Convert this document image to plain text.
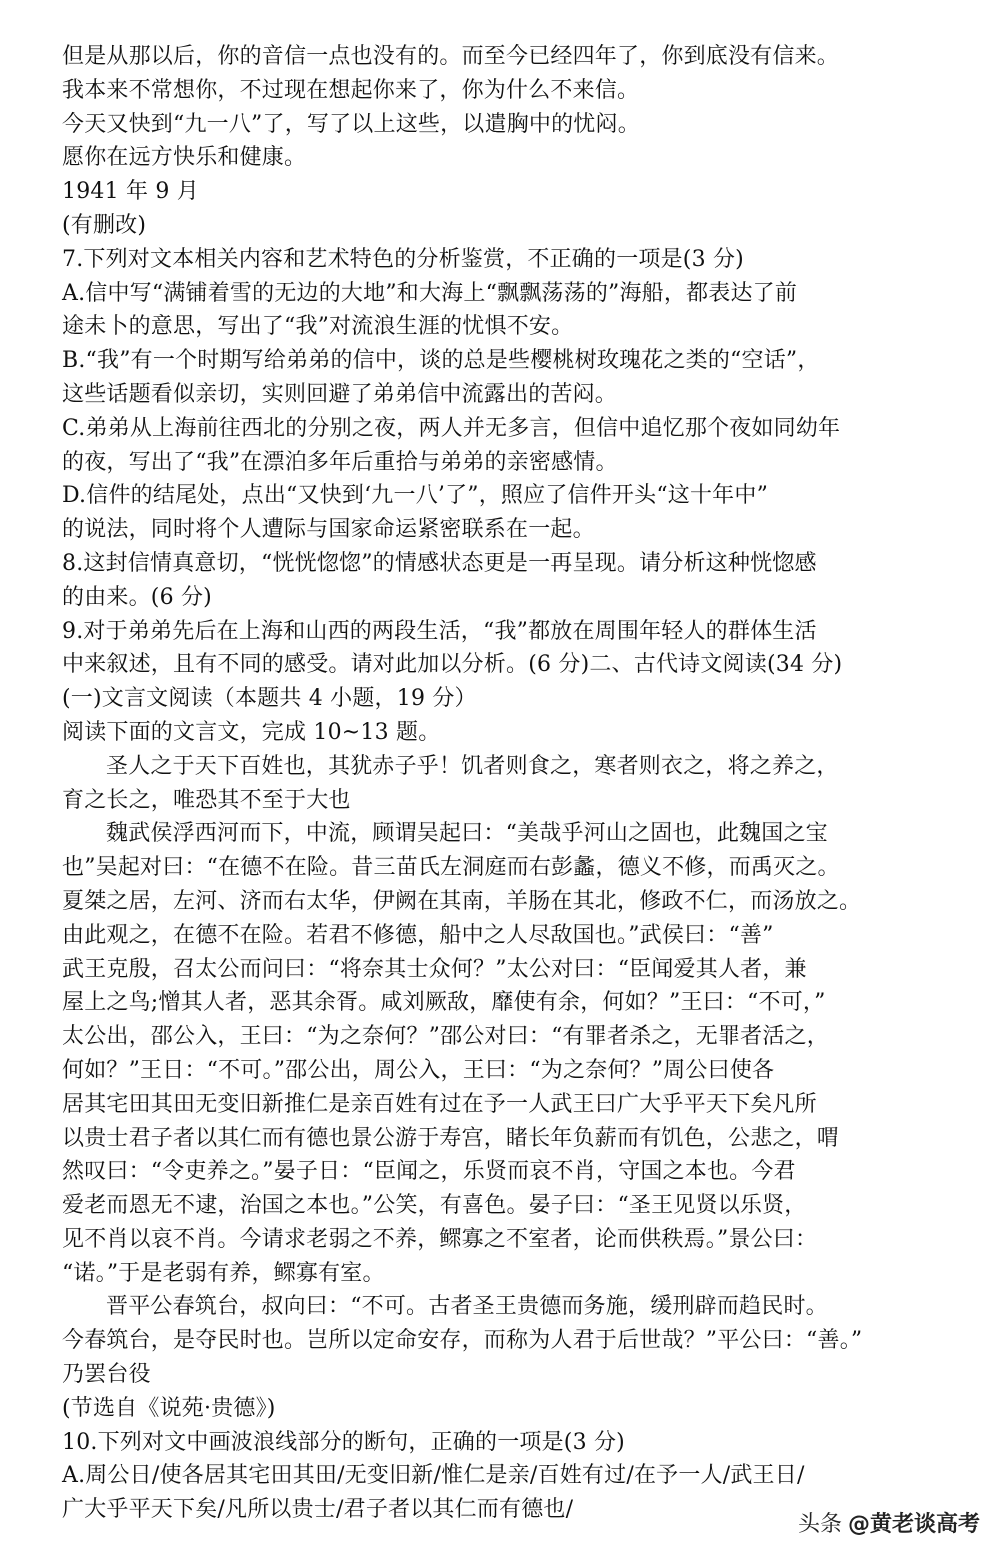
但是从那以后，你的音信一点也没有的。而至今已经四年了，你到底没有信来。
我本来不常想你，不过现在想起你来了，你为什么不来信。
今天又快到“九一八”了，写了以上这些，以遣胸中的忧闷。
愿你在远方快乐和健康。
1941 年 9 月
(有删改)
7.下列对文本相关内容和艺术特色的分析鉴赏，不正确的一项是(3 分)
A.信中写“满铺着雪的无边的大地”和大海上“飘飘荡荡的”海船，都表达了前
途未卜的意思，写出了“我”对流浪生涯的忧惧不安。
B.“我”有一个时期写给弟弟的信中，谈的总是些樱桃树玫瑰花之类的“空话”，
这些话题看似亲切，实则回避了弟弟信中流露出的苦闷。
C.弟弟从上海前往西北的分别之夜，两人并无多言，但信中追忆那个夜如同幼年
的夜，写出了“我”在漂泊多年后重拾与弟弟的亲密感情。
D.信件的结尾处，点出“又快到‘九一八’了”，照应了信件开头“这十年中”
的说法，同时将个人遭际与国家命运紧密联系在一起。
8.这封信情真意切，“恍恍惚惚”的情感状态更是一再呈现。请分析这种恍惚感
的由来。(6 分)
9.对于弟弟先后在上海和山西的两段生活，“我”都放在周围年轻人的群体生活
中来叙述，且有不同的感受。请对此加以分析。(6 分)二、古代诗文阅读(34 分)
(一)文言文阅读（本题共 4 小题，19 分）
阅读下面的文言文，完成 10~13 题。
圣人之于天下百姓也，其犹赤子乎！饥者则食之，寒者则衣之，将之养之，
育之长之，唯恐其不至于大也
魏武侯浮西河而下，中流，顾谓吴起曰：“美哉乎河山之固也，此魏国之宝
也”吴起对曰：“在德不在险。昔三苗氏左洞庭而右彭蠡，德义不修，而禹灭之。
夏桀之居，左河、济而右太华，伊阙在其南，羊肠在其北，修政不仁，而汤放之。
由此观之，在德不在险。若君不修德，船中之人尽敌国也。”武侯曰：“善”
武王克殷，召太公而问曰：“将奈其士众何？”太公对曰：“臣闻爱其人者，兼
屋上之鸟;憎其人者，恶其余胥。咸刘厥敌，靡使有余，何如？”王曰：“不可，”
太公出，邵公入，王曰：“为之奈何？”邵公对曰：“有罪者杀之，无罪者活之，
何如？”王日：“不可。”邵公出，周公入，王曰：“为之奈何？”周公曰使各
居其宅田其田无变旧新推仁是亲百姓有过在予一人武王曰广大乎平天下矣凡所
以贵士君子者以其仁而有德也景公游于寿宫，睹长年负薪而有饥色，公悲之，喟
然叹曰：“令吏养之。”晏子日：“臣闻之，乐贤而哀不肖，守国之本也。今君
爱老而恩无不逮，治国之本也。”公笑，有喜色。晏子曰：“圣王见贤以乐贤，
见不肖以哀不肖。今请求老弱之不养，鳏寡之不室者，论而供秩焉。”景公曰：
“诺。”于是老弱有养，鳏寡有室。
晋平公春筑台，叔向曰：“不可。古者圣王贵德而务施，缓刑辟而趋民时。
今春筑台，是夺民时也。岂所以定命安存，而称为人君于后世哉？”平公曰：“善。”
乃罢台役
(节选自《说苑·贵德》)
10.下列对文中画波浪线部分的断句，正确的一项是(3 分)
A.周公日/使各居其宅田其田/无变旧新/惟仁是亲/百姓有过/在予一人/武王日/
广大乎平天下矣/凡所以贵士/君子者以其仁而有德也/
头条 @黄老谈高考
